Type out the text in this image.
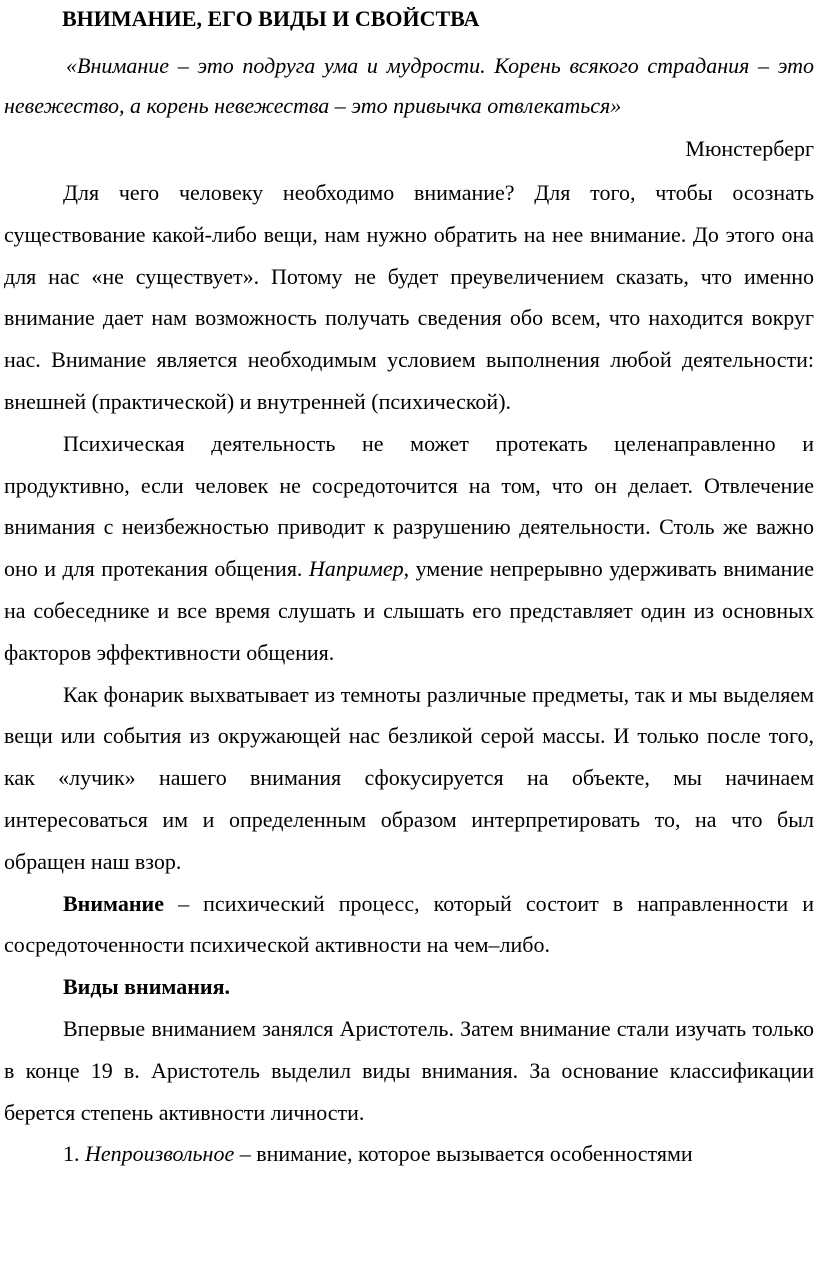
ВНИМАНИЕ, ЕГО ВИДЫ И СВОЙСТВА

«Внимание – это подруга ума и мудрости. Корень всякого страдания – это невежество, а корень невежества – это привычка отвлекаться»

Мюнстерберг

Для чего человеку необходимо внимание? Для того, чтобы осознать существование какой-либо вещи, нам нужно обратить на нее внимание. До этого она для нас «не существует». Потому не будет преувеличением сказать, что именно внимание дает нам возможность получать сведения обо всем, что находится вокруг нас. Внимание является необходимым условием выполнения любой деятельности: внешней (практической) и внутренней (психической).

Психическая деятельность не может протекать целенаправленно и продуктивно, если человек не сосредоточится на том, что он делает. Отвлечение внимания с неизбежностью приводит к разрушению деятельности. Столь же важно оно и для протекания общения. Например, умение непрерывно удерживать внимание на собеседнике и все время слушать и слышать его представляет один из основных факторов эффективности общения.

Как фонарик выхватывает из темноты различные предметы, так и мы выделяем вещи или события из окружающей нас безликой серой массы. И только после того, как «лучик» нашего внимания сфокусируется на объекте, мы начинаем интересоваться им и определенным образом интерпретировать то, на что был обращен наш взор.

Внимание – психический процесс, который состоит в направленности и сосредоточенности психической активности на чем–либо.

Виды внимания.

Впервые вниманием занялся Аристотель. Затем внимание стали изучать только в конце 19 в. Аристотель выделил виды внимания. За основание классификации берется степень активности личности.

1. Непроизвольное – внимание, которое вызывается особенностями
